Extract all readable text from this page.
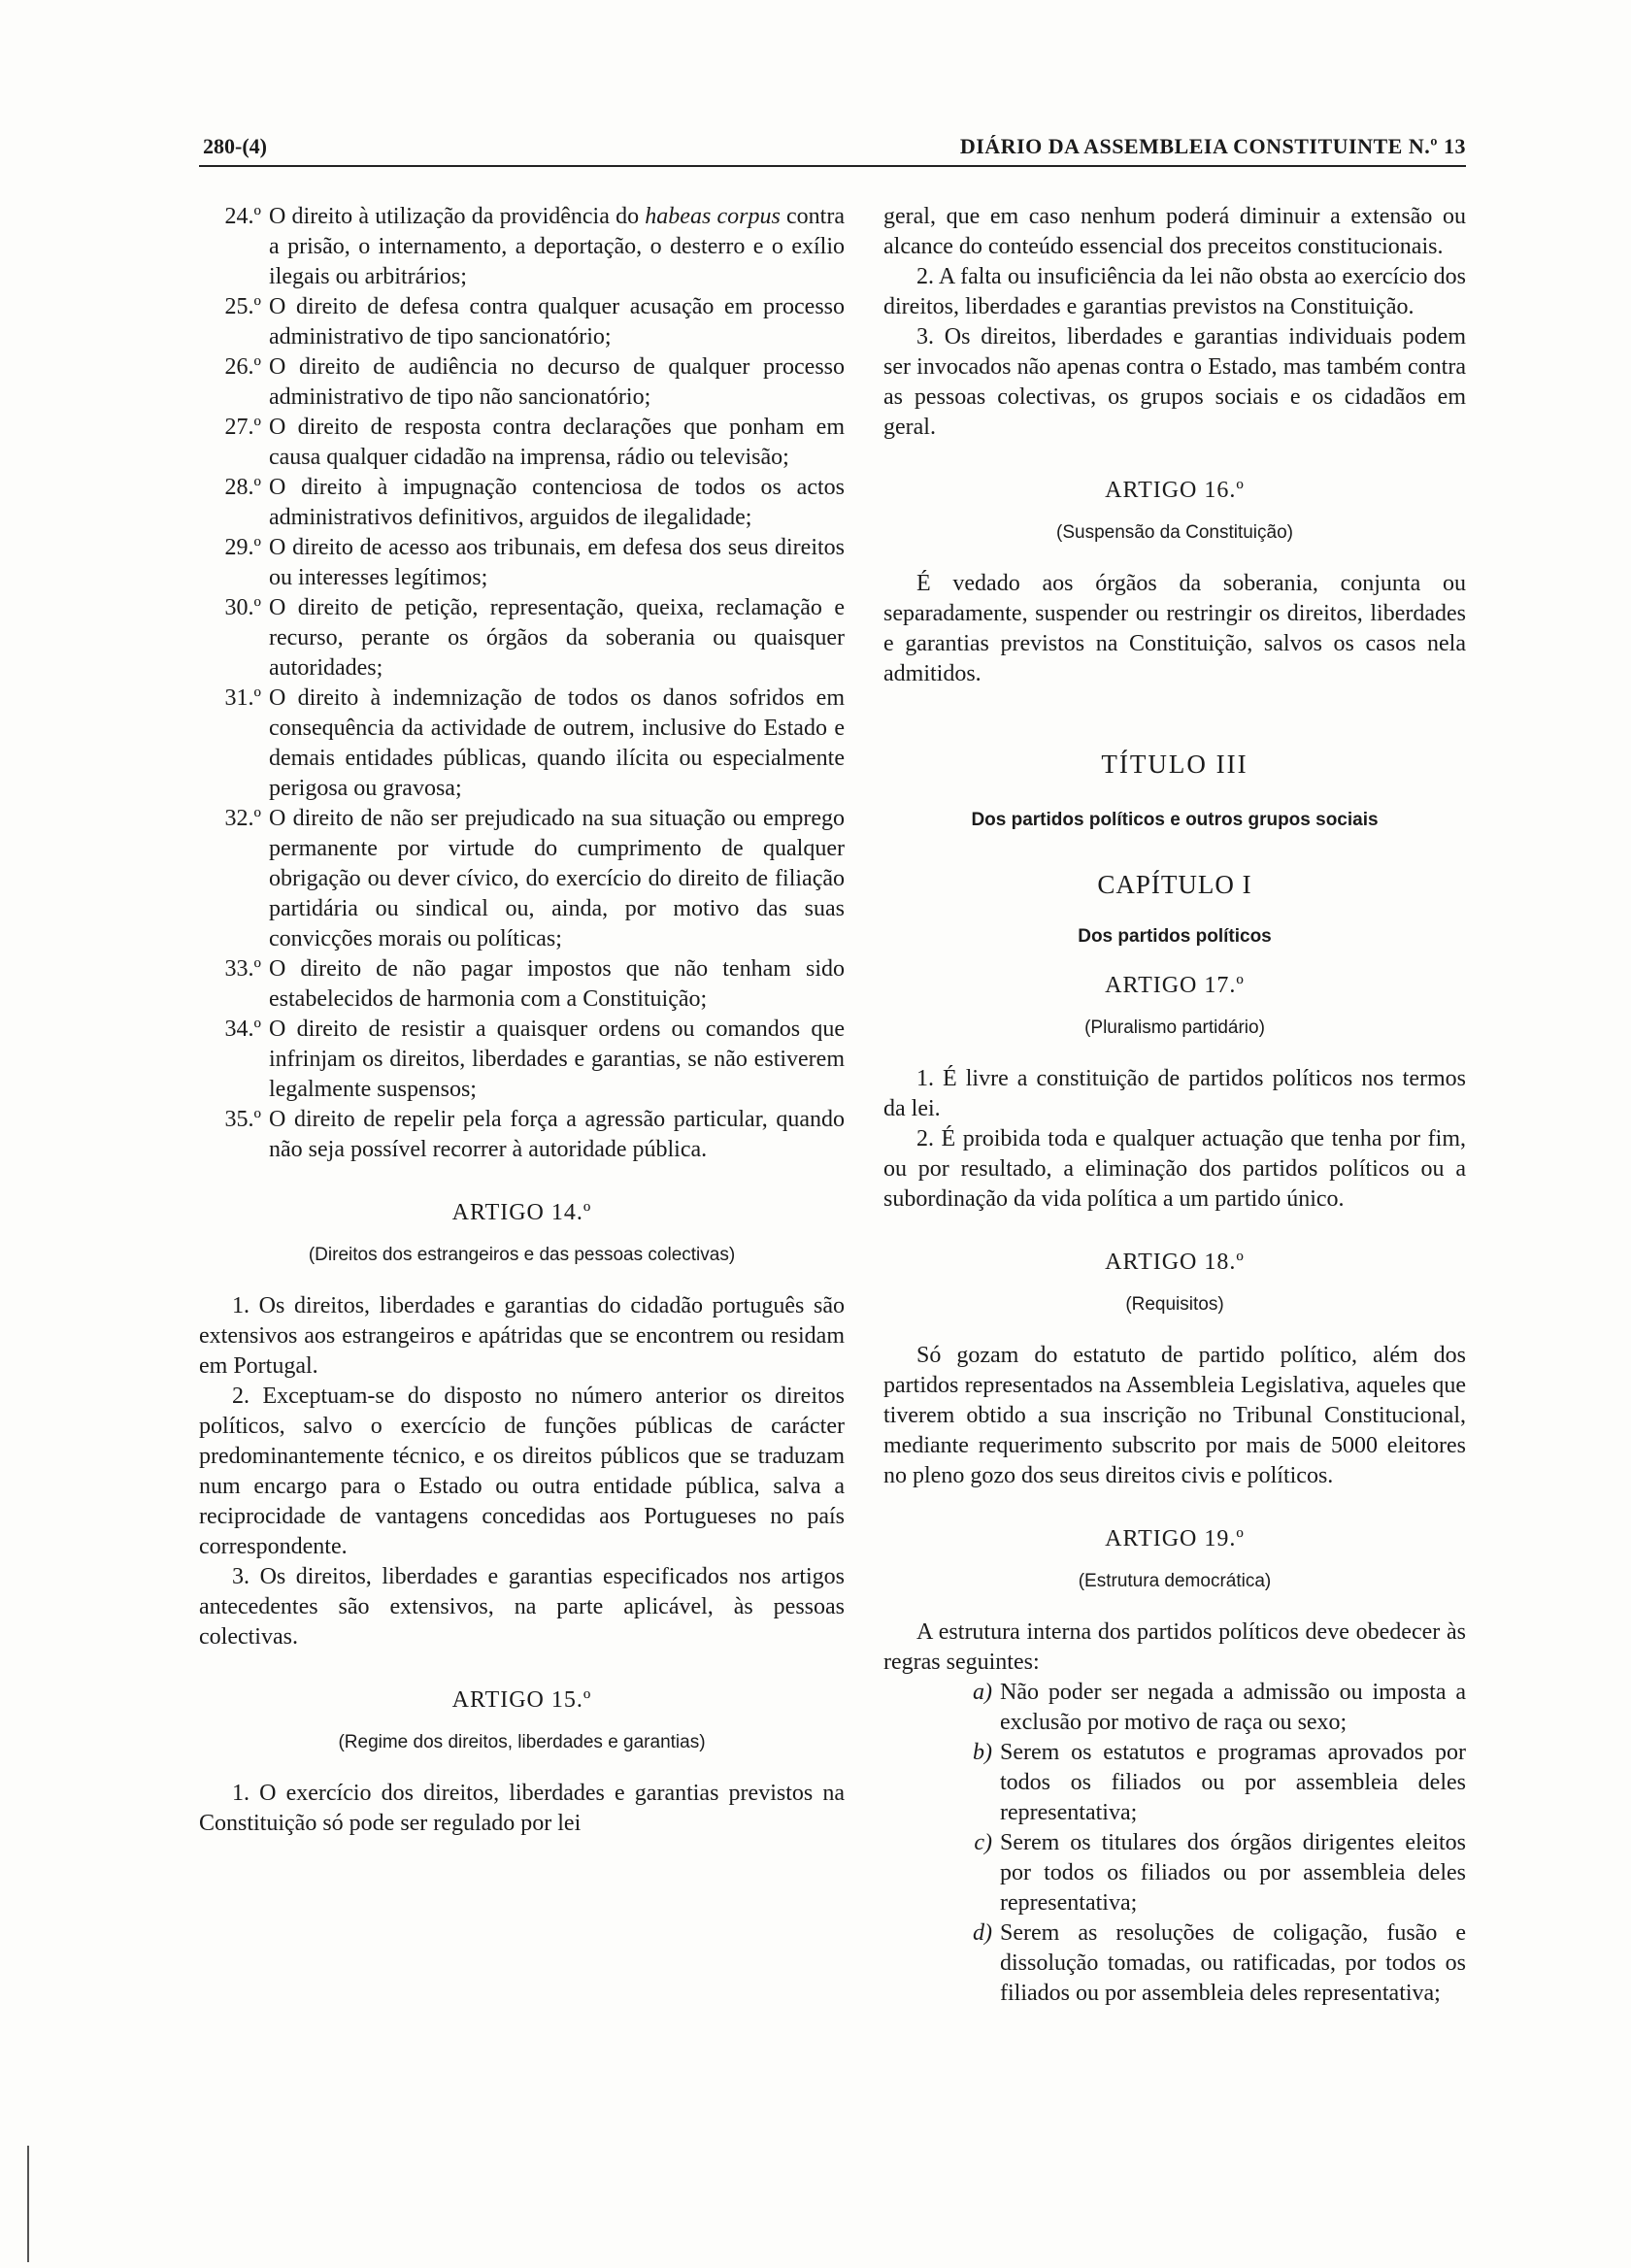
280-(4)	DIÁRIO DA ASSEMBLEIA CONSTITUINTE N.º 13
24.º O direito à utilização da providência do habeas corpus contra a prisão, o internamento, a deportação, o desterro e o exílio ilegais ou arbitrários;
25.º O direito de defesa contra qualquer acusação em processo administrativo de tipo sancionatório;
26.º O direito de audiência no decurso de qualquer processo administrativo de tipo não sancionatório;
27.º O direito de resposta contra declarações que ponham em causa qualquer cidadão na imprensa, rádio ou televisão;
28.º O direito à impugnação contenciosa de todos os actos administrativos definitivos, arguidos de ilegalidade;
29.º O direito de acesso aos tribunais, em defesa dos seus direitos ou interesses legítimos;
30.º O direito de petição, representação, queixa, reclamação e recurso, perante os órgãos da soberania ou quaisquer autoridades;
31.º O direito à indemnização de todos os danos sofridos em consequência da actividade de outrem, inclusive do Estado e demais entidades públicas, quando ilícita ou especialmente perigosa ou gravosa;
32.º O direito de não ser prejudicado na sua situação ou emprego permanente por virtude do cumprimento de qualquer obrigação ou dever cívico, do exercício do direito de filiação partidária ou sindical ou, ainda, por motivo das suas convicções morais ou políticas;
33.º O direito de não pagar impostos que não tenham sido estabelecidos de harmonia com a Constituição;
34.º O direito de resistir a quaisquer ordens ou comandos que infrinjam os direitos, liberdades e garantias, se não estiverem legalmente suspensos;
35.º O direito de repelir pela força a agressão particular, quando não seja possível recorrer à autoridade pública.
ARTIGO 14.º
(Direitos dos estrangeiros e das pessoas colectivas)

1. Os direitos, liberdades e garantias do cidadão português são extensivos aos estrangeiros e apátridas que se encontrem ou residam em Portugal.

2. Exceptuam-se do disposto no número anterior os direitos políticos, salvo o exercício de funções públicas de carácter predominantemente técnico, e os direitos públicos que se traduzam num encargo para o Estado ou outra entidade pública, salva a reciprocidade de vantagens concedidas aos Portugueses no país correspondente.

3. Os direitos, liberdades e garantias especificados nos artigos antecedentes são extensivos, na parte aplicável, às pessoas colectivas.

ARTIGO 15.º
(Regime dos direitos, liberdades e garantias)

1. O exercício dos direitos, liberdades e garantias previstos na Constituição só pode ser regulado por lei

geral, que em caso nenhum poderá diminuir a extensão ou alcance do conteúdo essencial dos preceitos constitucionais.

2. A falta ou insuficiência da lei não obsta ao exercício dos direitos, liberdades e garantias previstos na Constituição.

3. Os direitos, liberdades e garantias individuais podem ser invocados não apenas contra o Estado, mas também contra as pessoas colectivas, os grupos sociais e os cidadãos em geral.

ARTIGO 16.º
(Suspensão da Constituição)

É vedado aos órgãos da soberania, conjunta ou separadamente, suspender ou restringir os direitos, liberdades e garantias previstos na Constituição, salvos os casos nela admitidos.

TÍTULO III
Dos partidos políticos e outros grupos sociais
CAPÍTULO I
Dos partidos políticos
ARTIGO 17.º
(Pluralismo partidário)

1. É livre a constituição de partidos políticos nos termos da lei.

2. É proibida toda e qualquer actuação que tenha por fim, ou por resultado, a eliminação dos partidos políticos ou a subordinação da vida política a um partido único.

ARTIGO 18.º
(Requisitos)

Só gozam do estatuto de partido político, além dos partidos representados na Assembleia Legislativa, aqueles que tiverem obtido a sua inscrição no Tribunal Constitucional, mediante requerimento subscrito por mais de 5000 eleitores no pleno gozo dos seus direitos civis e políticos.

ARTIGO 19.º
(Estrutura democrática)

A estrutura interna dos partidos políticos deve obedecer às regras seguintes:

a) Não poder ser negada a admissão ou imposta a exclusão por motivo de raça ou sexo;
b) Serem os estatutos e programas aprovados por todos os filiados ou por assembleia deles representativa;
c) Serem os titulares dos órgãos dirigentes eleitos por todos os filiados ou por assembleia deles representativa;
d) Serem as resoluções de coligação, fusão e dissolução tomadas, ou ratificadas, por todos os filiados ou por assembleia deles representativa;
